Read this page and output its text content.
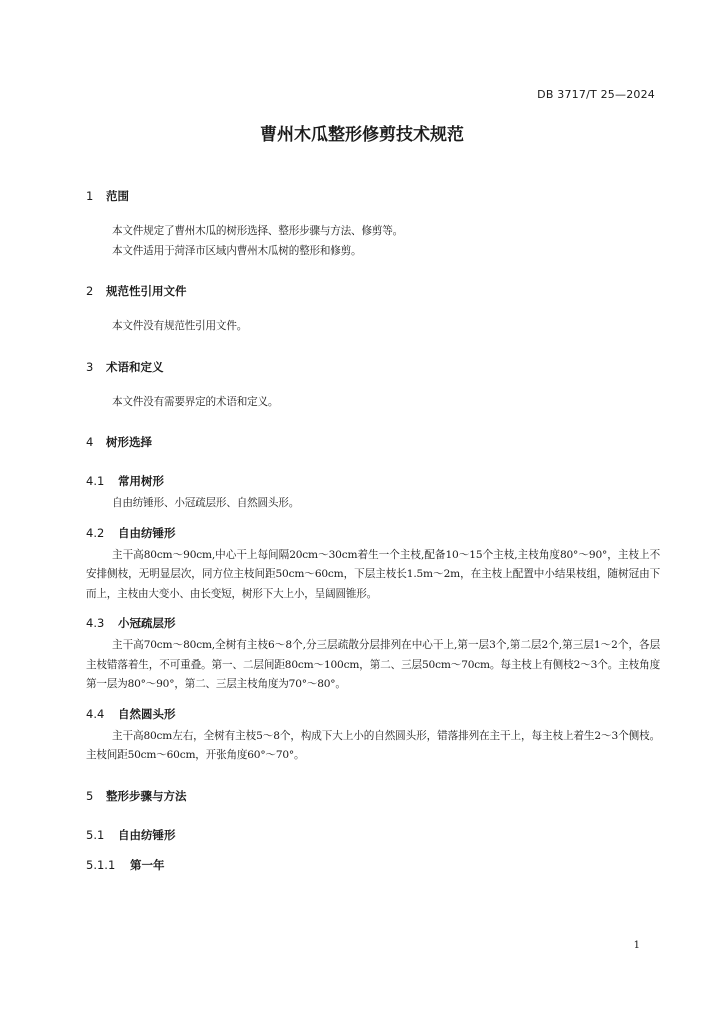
DB 3717/T 25—2024
曹州木瓜整形修剪技术规范
1	范围
本文件规定了曹州木瓜的树形选择、整形步骤与方法、修剪等。
本文件适用于菏泽市区域内曹州木瓜树的整形和修剪。
2	规范性引用文件
本文件没有规范性引用文件。
3	术语和定义
本文件没有需要界定的术语和定义。
4	树形选择
4.1	常用树形
自由纺锤形、小冠疏层形、自然圆头形。
4.2	自由纺锤形
主干高80cm～90cm,中心干上每间隔20cm～30cm着生一个主枝,配备10～15个主枝,主枝角度80°～90°，主枝上不安排侧枝，无明显层次，同方位主枝间距50cm～60cm，下层主枝长1.5m～2m，在主枝上配置中小结果枝组，随树冠由下而上，主枝由大变小、由长变短，树形下大上小，呈阔圆锥形。
4.3	小冠疏层形
主干高70cm～80cm,全树有主枝6～8个,分三层疏散分层排列在中心干上,第一层3个,第二层2个,第三层1～2个，各层主枝错落着生，不可重叠。第一、二层间距80cm～100cm，第二、三层50cm～70cm。每主枝上有侧枝2～3个。主枝角度第一层为80°～90°，第二、三层主枝角度为70°～80°。
4.4	自然圆头形
主干高80cm左右，全树有主枝5～8个，构成下大上小的自然圆头形，错落排列在主干上，每主枝上着生2～3个侧枝。主枝间距50cm～60cm，开张角度60°～70°。
5	整形步骤与方法
5.1	自由纺锤形
5.1.1	第一年
1
